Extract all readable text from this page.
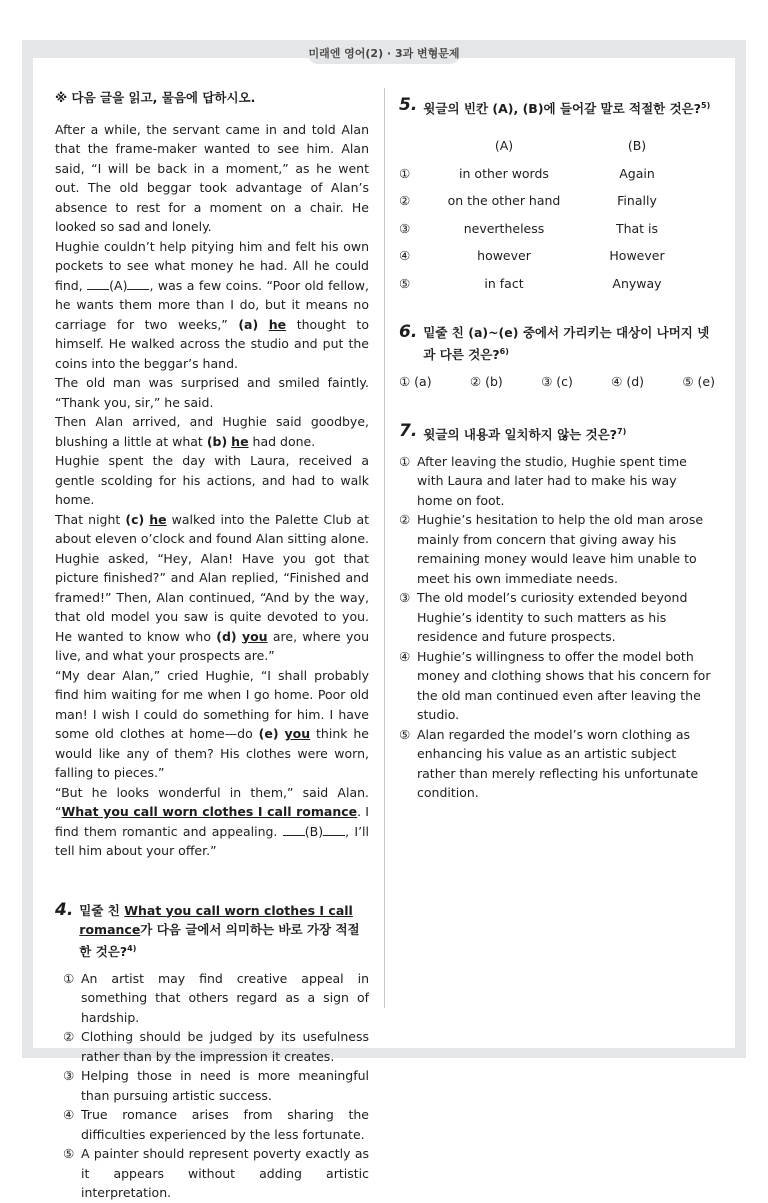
미래엔 영어(2) · 3과 변형문제

※ 다음 글을 읽고, 물음에 답하시오.

After a while, the servant came in and told Alan that the frame-maker wanted to see him. Alan said, “I will be back in a moment,” as he went out. The old beggar took advantage of Alan’s absence to rest for a moment on a chair. He looked so sad and lonely.

Hughie couldn’t help pitying him and felt his own pockets to see what money he had. All he could find, (A) , was a few coins. “Poor old fellow, he wants them more than I do, but it means no carriage for two weeks,” (a) he thought to himself. He walked across the studio and put the coins into the beggar’s hand.

The old man was surprised and smiled faintly. “Thank you, sir,” he said.

Then Alan arrived, and Hughie said goodbye, blushing a little at what (b) he had done.

Hughie spent the day with Laura, received a gentle scolding for his actions, and had to walk home.

That night (c) he walked into the Palette Club at about eleven o’clock and found Alan sitting alone. Hughie asked, “Hey, Alan! Have you got that picture finished?” and Alan replied, “Finished and framed!” Then, Alan continued, “And by the way, that old model you saw is quite devoted to you. He wanted to know who (d) you are, where you live, and what your prospects are.”

“My dear Alan,” cried Hughie, “I shall probably find him waiting for me when I go home. Poor old man! I wish I could do something for him. I have some old clothes at home—do (e) you think he would like any of them? His clothes were worn, falling to pieces.”

“But he looks wonderful in them,” said Alan. “What you call worn clothes I call romance. I find them romantic and appealing. (B) , I’ll tell him about your offer.”

4. 밑줄 친 What you call worn clothes I call romance가 다음 글에서 의미하는 바로 가장 적절한 것은?$^{4)}$
① An artist may find creative appeal in something that others regard as a sign of hardship.
② Clothing should be judged by its usefulness rather than by the impression it creates.
③ Helping those in need is more meaningful than pursuing artistic success.
④ True romance arises from sharing the difficulties experienced by the less fortunate.
⑤ A painter should represent poverty exactly as it appears without adding artistic interpretation.
5. 윗글의 빈칸 (A), (B)에 들어갈 말로 적절한 것은?$^{5)}$
(A)	(B)
①	in other words	Again
②	on the other hand	Finally
③	nevertheless	That is
④	however	However
⑤	in fact	Anyway
6. 밑줄 친 (a)~(e) 중에서 가리키는 대상이 나머지 넷과 다른 것은?$^{6)}$
① (a)	② (b)	③ (c)	④ (d)	⑤ (e)
7. 윗글의 내용과 일치하지 않는 것은?$^{7)}$
① After leaving the studio, Hughie spent time with Laura and later had to make his way home on foot.
② Hughie’s hesitation to help the old man arose mainly from concern that giving away his remaining money would leave him unable to meet his own immediate needs.
③ The old model’s curiosity extended beyond Hughie’s identity to such matters as his residence and future prospects.
④ Hughie’s willingness to offer the model both money and clothing shows that his concern for the old man continued even after leaving the studio.
⑤ Alan regarded the model’s worn clothing as enhancing his value as an artistic subject rather than merely reflecting his unfortunate condition.
